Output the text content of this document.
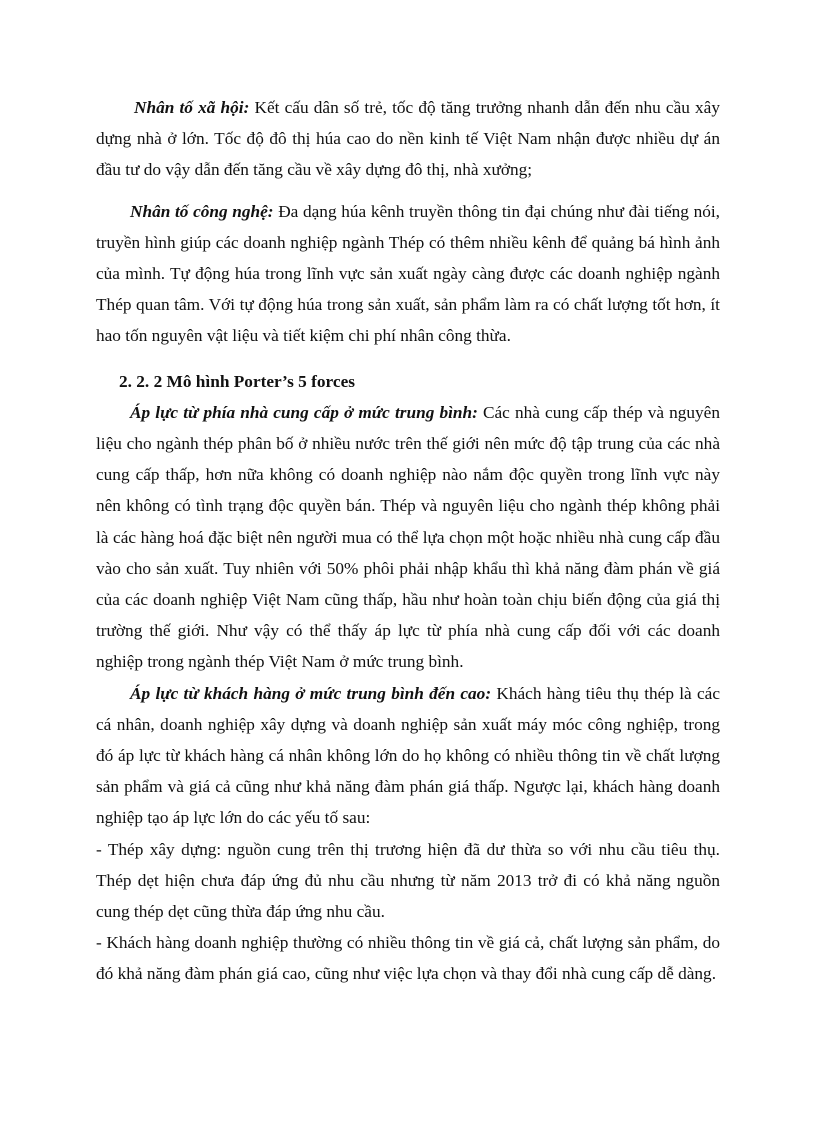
Nhân tố xã hội: Kết cấu dân số trẻ, tốc độ tăng trưởng nhanh dẫn đến nhu cầu xây dựng nhà ở lớn. Tốc độ đô thị húa cao do nền kinh tế Việt Nam nhận được nhiều dự án đầu tư do vậy dẫn đến tăng cầu về xây dựng đô thị, nhà xưởng;

Nhân tố công nghệ: Đa dạng húa kênh truyền thông tin đại chúng như đài tiếng nói, truyền hình giúp các doanh nghiệp ngành Thép có thêm nhiều kênh để quảng bá hình ảnh của mình. Tự động húa trong lĩnh vực sản xuất ngày càng được các doanh nghiệp ngành Thép quan tâm. Với tự động húa trong sản xuất, sản phẩm làm ra có chất lượng tốt hơn, ít hao tốn nguyên vật liệu và tiết kiệm chi phí nhân công thừa.

2. 2. 2 Mô hình Porter’s 5 forces

Áp lực từ phía nhà cung cấp ở mức trung bình: Các nhà cung cấp thép và nguyên liệu cho ngành thép phân bố ở nhiều nước trên thế giới nên mức độ tập trung của các nhà cung cấp thấp, hơn nữa không có doanh nghiệp nào nắm độc quyền trong lĩnh vực này nên không có tình trạng độc quyền bán. Thép và nguyên liệu cho ngành thép không phải là các hàng hoá đặc biệt nên người mua có thể lựa chọn một hoặc nhiều nhà cung cấp đầu vào cho sản xuất. Tuy nhiên với 50% phôi phải nhập khẩu thì khả năng đàm phán về giá của các doanh nghiệp Việt Nam cũng thấp, hầu như hoàn toàn chịu biến động của giá thị trường thế giới. Như vậy có thể thấy áp lực từ phía nhà cung cấp đối với các doanh nghiệp trong ngành thép Việt Nam ở mức trung bình.

Áp lực từ khách hàng ở mức trung bình đến cao: Khách hàng tiêu thụ thép là các cá nhân, doanh nghiệp xây dựng và doanh nghiệp sản xuất máy móc công nghiệp, trong đó áp lực từ khách hàng cá nhân không lớn do họ không có nhiều thông tin về chất lượng sản phẩm và giá cả cũng như khả năng đàm phán giá thấp. Ngược lại, khách hàng doanh nghiệp tạo áp lực lớn do các yếu tố sau:

- Thép xây dựng: nguồn cung trên thị trương hiện đã dư thừa so với nhu cầu tiêu thụ. Thép dẹt hiện chưa đáp ứng đủ nhu cầu nhưng từ năm 2013 trở đi có khả năng nguồn cung thép dẹt cũng thừa đáp ứng nhu cầu.

- Khách hàng doanh nghiệp thường có nhiều thông tin về giá cả, chất lượng sản phẩm, do đó khả năng đàm phán giá cao, cũng như việc lựa chọn và thay đổi nhà cung cấp dễ dàng.
